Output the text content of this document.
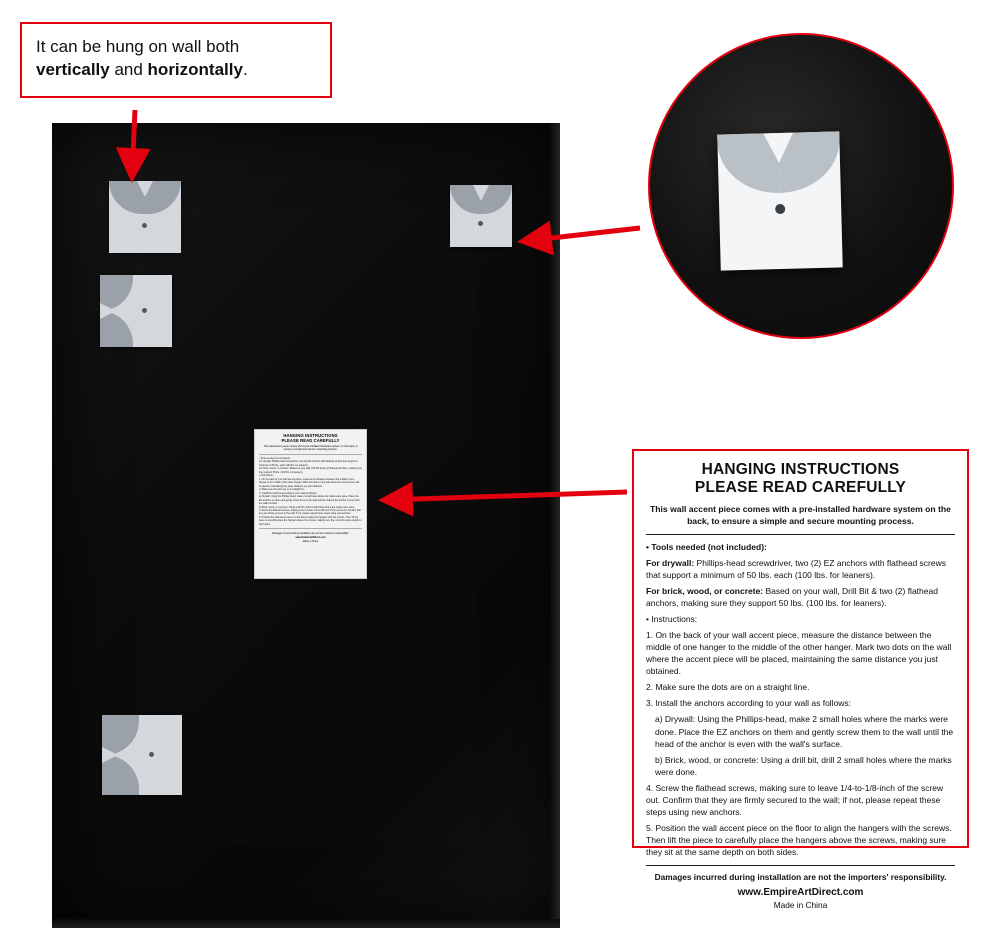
HANGING INSTRUCTIONS
PLEASE READ CAREFULLY
This wall accent piece comes with a pre-installed hardware system on the back, to ensure a simple and secure mounting process.
• Tools needed (not included):
For drywall: Phillips-head screwdriver, two (2) EZ anchors with flathead screws that support a minimum of 50 lbs. each (100 lbs. for leaners).
For brick, wood, or concrete: Based on your wall, Drill Bit & two (2) flathead anchors, making sure they support 50 lbs. (100 lbs. for leaners).
• Instructions:
1. On the back of your wall accent piece, measure the distance between the middle of one hanger to the middle of the other hanger. Mark two dots on the wall where the accent piece will be placed, maintaining the same distance you just obtained.
2. Make sure the dots are on a straight line.
3. Install the anchors according to your wall as follows:
a) Drywall: Using the Phillips-head, make 2 small holes where the marks were done. Place the EZ anchors on them and gently screw them to the wall until the head of the anchor is even with the wall's surface.
b) Brick, wood, or concrete: Using a drill bit, drill 2 small holes where the marks were done.
4. Screw the flathead screws, making sure to leave 1/4-to-1/8-inch of the screw out. Confirm that they are firmly secured to the wall; if not, please repeat these steps using new anchors.
5. Position the wall accent piece on the floor to align the hangers with the screws. Then lift the piece to carefully place the hangers above the screws, making sure they sit at the same depth on both sides.
Damages incurred during installation are not the importers' responsibility.
www.EmpireArtDirect.com
Made in China
It can be hung on wall both vertically and horizontally.
HANGING INSTRUCTIONS
PLEASE READ CAREFULLY
This wall accent piece comes with a pre-installed hardware system on the back, to ensure a simple and secure mounting process.

• Tools needed (not included):

For drywall: Phillips-head screwdriver, two (2) EZ anchors with flathead screws that support a minimum of 50 lbs. each (100 lbs. for leaners).

For brick, wood, or concrete: Based on your wall, Drill Bit & two (2) flathead anchors, making sure they support 50 lbs. (100 lbs. for leaners).

• Instructions:

1. On the back of your wall accent piece, measure the distance between the middle of one hanger to the middle of the other hanger. Mark two dots on the wall where the accent piece will be placed, maintaining the same distance you just obtained.

2. Make sure the dots are on a straight line.

3. Install the anchors according to your wall as follows:

a) Drywall: Using the Phillips-head, make 2 small holes where the marks were done. Place the EZ anchors on them and gently screw them to the wall until the head of the anchor is even with the wall's surface.

b) Brick, wood, or concrete: Using a drill bit, drill 2 small holes where the marks were done.

4. Screw the flathead screws, making sure to leave 1/4-to-1/8-inch of the screw out. Confirm that they are firmly secured to the wall; if not, please repeat these steps using new anchors.

5. Position the wall accent piece on the floor to align the hangers with the screws. Then lift the piece to carefully place the hangers above the screws, making sure they sit at the same depth on both sides.

Damages incurred during installation are not the importers' responsibility.
www.EmpireArtDirect.com
Made in China
